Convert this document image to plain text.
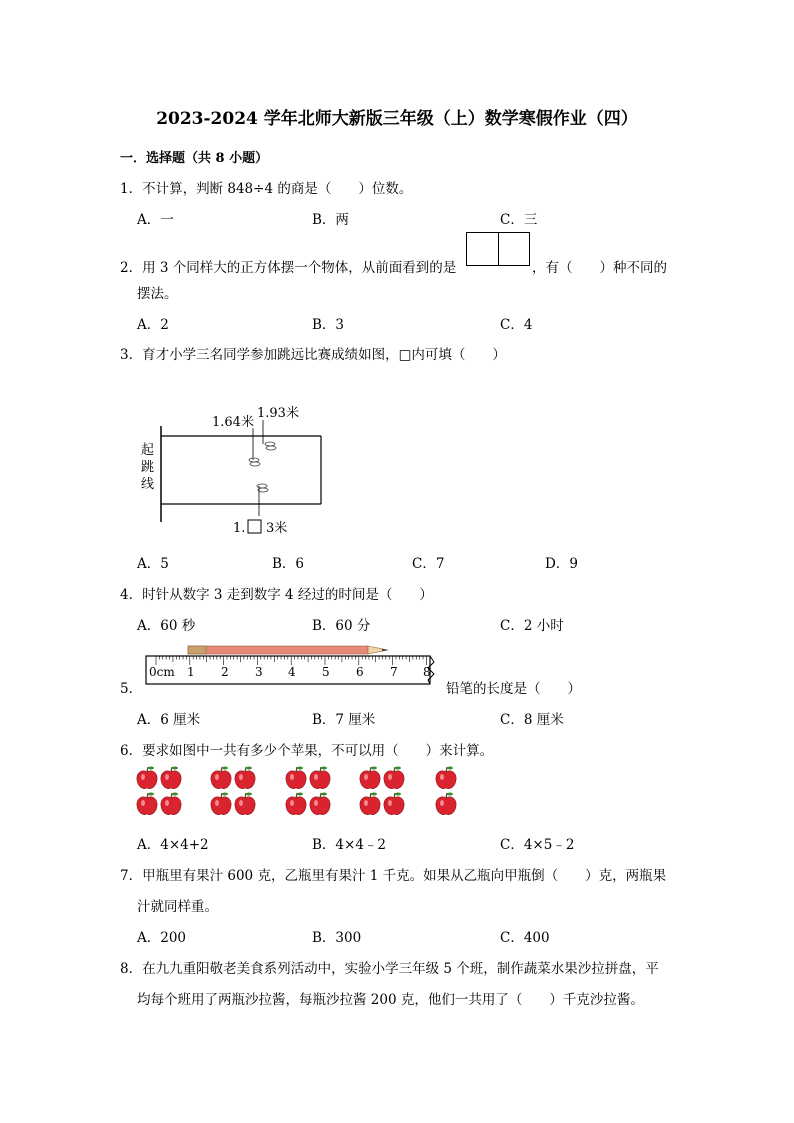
2023-2024 学年北师大新版三年级（上）数学寒假作业（四）
一．选择题（共 8 小题）
1．不计算，判断 848÷4 的商是（　　）位数。
A．一	B．两	C．三
2．用 3 个同样大的正方体摆一个物体，从前面看到的是	，有（　　）种不同的
摆法。
A．2	B．3	C．4
3．育才小学三名同学参加跳远比赛成绩如图，□内可填（　　）
起
跳
线
1.64米
1.93米
1. 3米
A．5	B．6	C．7	D．9
4．时针从数字 3 走到数字 4 经过的时间是（　　）
A．60 秒	B．60 分	C．2 小时
5．
0cm 1 2 3 4 5 6 7 8
铅笔的长度是（　　）
A．6 厘米	B．7 厘米	C．8 厘米
6．要求如图中一共有多少个苹果，不可以用（　　）来计算。
A．4×4+2	B．4×4﹣2	C．4×5﹣2
7．甲瓶里有果汁 600 克，乙瓶里有果汁 1 千克。如果从乙瓶向甲瓶倒（　　）克，两瓶果
汁就同样重。
A．200	B．300	C．400
8．在九九重阳敬老美食系列活动中，实验小学三年级 5 个班，制作蔬菜水果沙拉拼盘，平
均每个班用了两瓶沙拉酱，每瓶沙拉酱 200 克，他们一共用了（　　）千克沙拉酱。
